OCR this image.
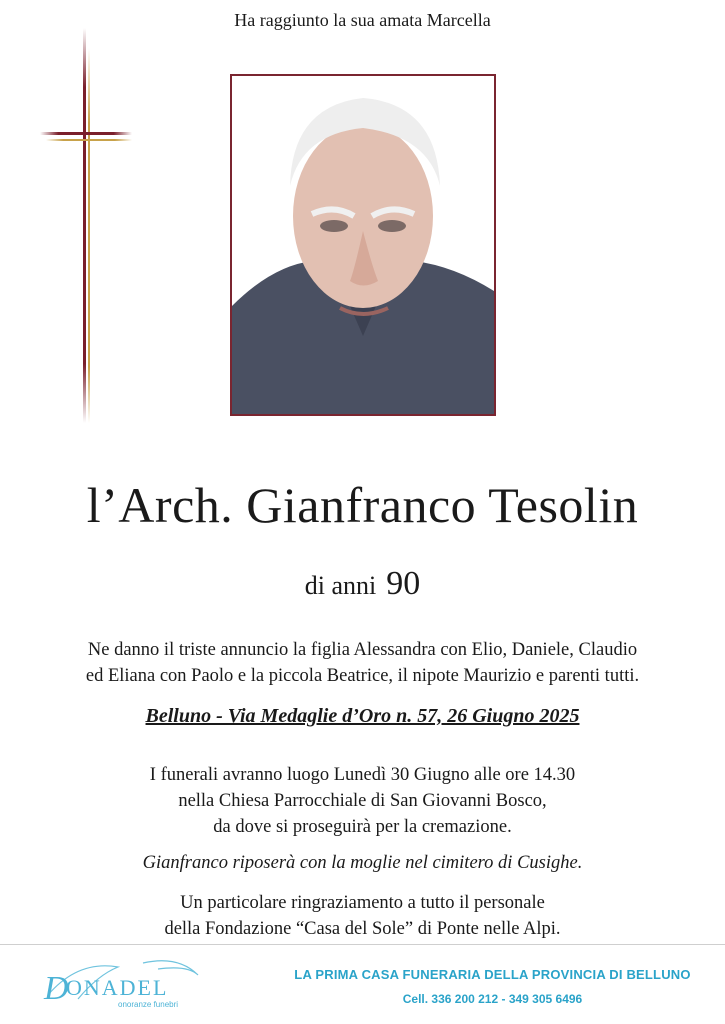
Ha raggiunto la sua amata Marcella
l’Arch. Gianfranco Tesolin
di anni 90
Ne danno il triste annuncio la figlia Alessandra con Elio, Daniele, Claudio
ed Eliana con Paolo e la piccola Beatrice, il nipote Maurizio e parenti tutti.
Belluno - Via Medaglie d’Oro n. 57, 26 Giugno 2025
I funerali avranno luogo Lunedì 30 Giugno alle ore 14.30
nella Chiesa Parrocchiale di San Giovanni Bosco,
da dove si proseguirà per la cremazione.
Gianfranco riposerà con la moglie nel cimitero di Cusighe.
Un particolare ringraziamento a tutto il personale
della Fondazione “Casa del Sole” di Ponte nelle Alpi.
D
ONADEL
onoranze funebri
LA PRIMA CASA FUNERARIA DELLA PROVINCIA DI BELLUNO
Cell. 336 200 212 - 349 305 6496
